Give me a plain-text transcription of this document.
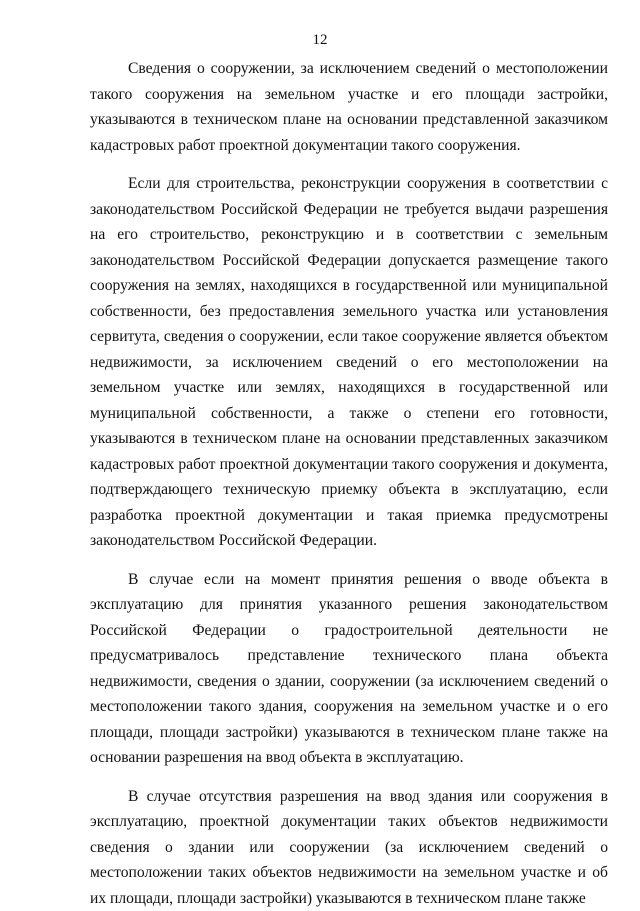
12

Сведения о сооружении, за исключением сведений о местоположении такого сооружения на земельном участке и его площади застройки, указываются в техническом плане на основании представленной заказчиком кадастровых работ проектной документации такого сооружения.

Если для строительства, реконструкции сооружения в соответствии с законодательством Российской Федерации не требуется выдачи разрешения на его строительство, реконструкцию и в соответствии с земельным законодательством Российской Федерации допускается размещение такого сооружения на землях, находящихся в государственной или муниципальной собственности, без предоставления земельного участка или установления сервитута, сведения о сооружении, если такое сооружение является объектом недвижимости, за исключением сведений о его местоположении на земельном участке или землях, находящихся в государственной или муниципальной собственности, а также о степени его готовности, указываются в техническом плане на основании представленных заказчиком кадастровых работ проектной документации такого сооружения и документа, подтверждающего техническую приемку объекта в эксплуатацию, если разработка проектной документации и такая приемка предусмотрены законодательством Российской Федерации.

В случае если на момент принятия решения о вводе объекта в эксплуатацию для принятия указанного решения законодательством Российской Федерации о градостроительной деятельности не предусматривалось представление технического плана объекта недвижимости, сведения о здании, сооружении (за исключением сведений о местоположении такого здания, сооружения на земельном участке и о его площади, площади застройки) указываются в техническом плане также на основании разрешения на ввод объекта в эксплуатацию.

В случае отсутствия разрешения на ввод здания или сооружения в эксплуатацию, проектной документации таких объектов недвижимости сведения о здании или сооружении (за исключением сведений о местоположении таких объектов недвижимости на земельном участке и об их площади, площади застройки) указываются в техническом плане также
